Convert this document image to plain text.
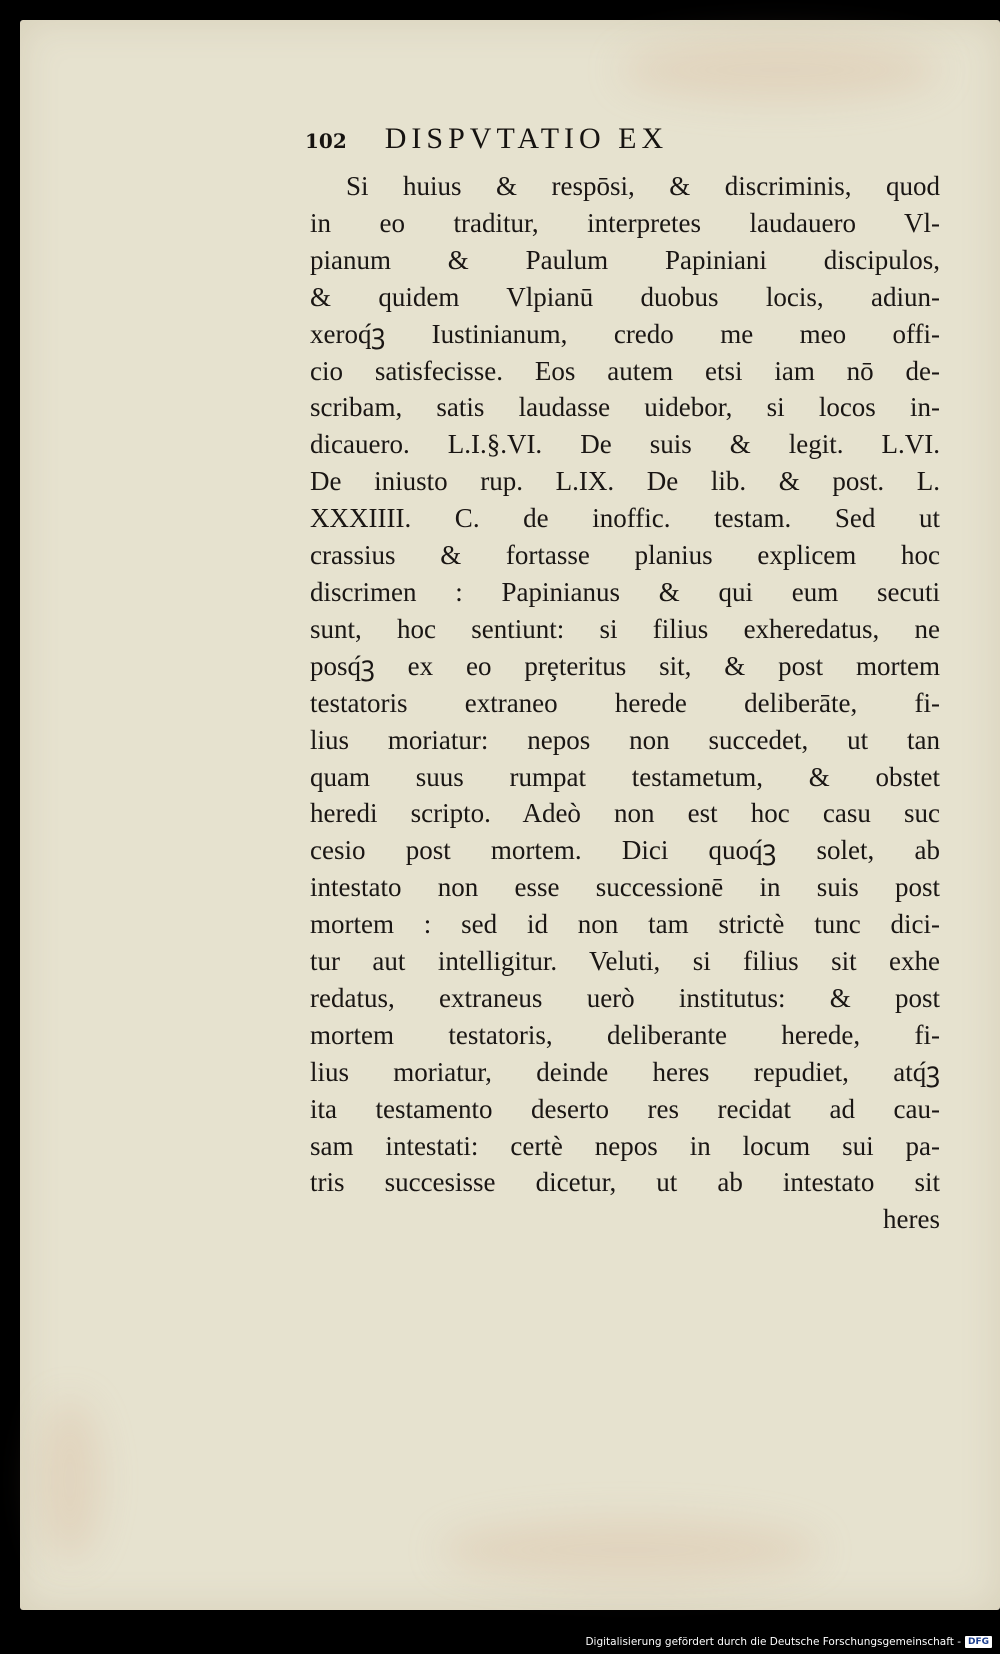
102 DISPVTATIO EX
Si huius & respōsi, & discriminis, quod
in eo traditur, interpretes laudauero Vl-
pianum & Paulum Papiniani discipulos,
& quidem Vlpianū duobus locis, adiun-
xeroq́ꝫ Iustinianum, credo me meo offi-
cio satisfecisse. Eos autem etsi iam nō de-
scribam, satis laudasse uidebor, si locos in-
dicauero. L.I.§.VI. De suis & legit. L.VI.
De iniusto rup. L.IX. De lib. & post. L.
XXXIIII. C. de inoffic. testam. Sed ut
crassius & fortasse planius explicem hoc
discrimen : Papinianus & qui eum secuti
sunt, hoc sentiunt: si filius exheredatus, ne
posq́ꝫ ex eo prȩteritus sit, & post mortem
testatoris extraneo herede deliberāte, fi-
lius moriatur: nepos non succedet, ut tan
quam suus rumpat testametum, & obstet
heredi scripto. Adeò non est hoc casu suc
cesio post mortem. Dici quoq́ꝫ solet, ab
intestato non esse successionē in suis post
mortem : sed id non tam strictè tunc dici-
tur aut intelligitur. Veluti, si filius sit exhe
redatus, extraneus uerò institutus: & post
mortem testatoris, deliberante herede, fi-
lius moriatur, deinde heres repudiet, atq́ꝫ
ita testamento deserto res recidat ad cau-
sam intestati: certè nepos in locum sui pa-
tris succesisse dicetur, ut ab intestato sit
heres
Digitalisierung gefördert durch die Deutsche Forschungsgemeinschaft - DFG
